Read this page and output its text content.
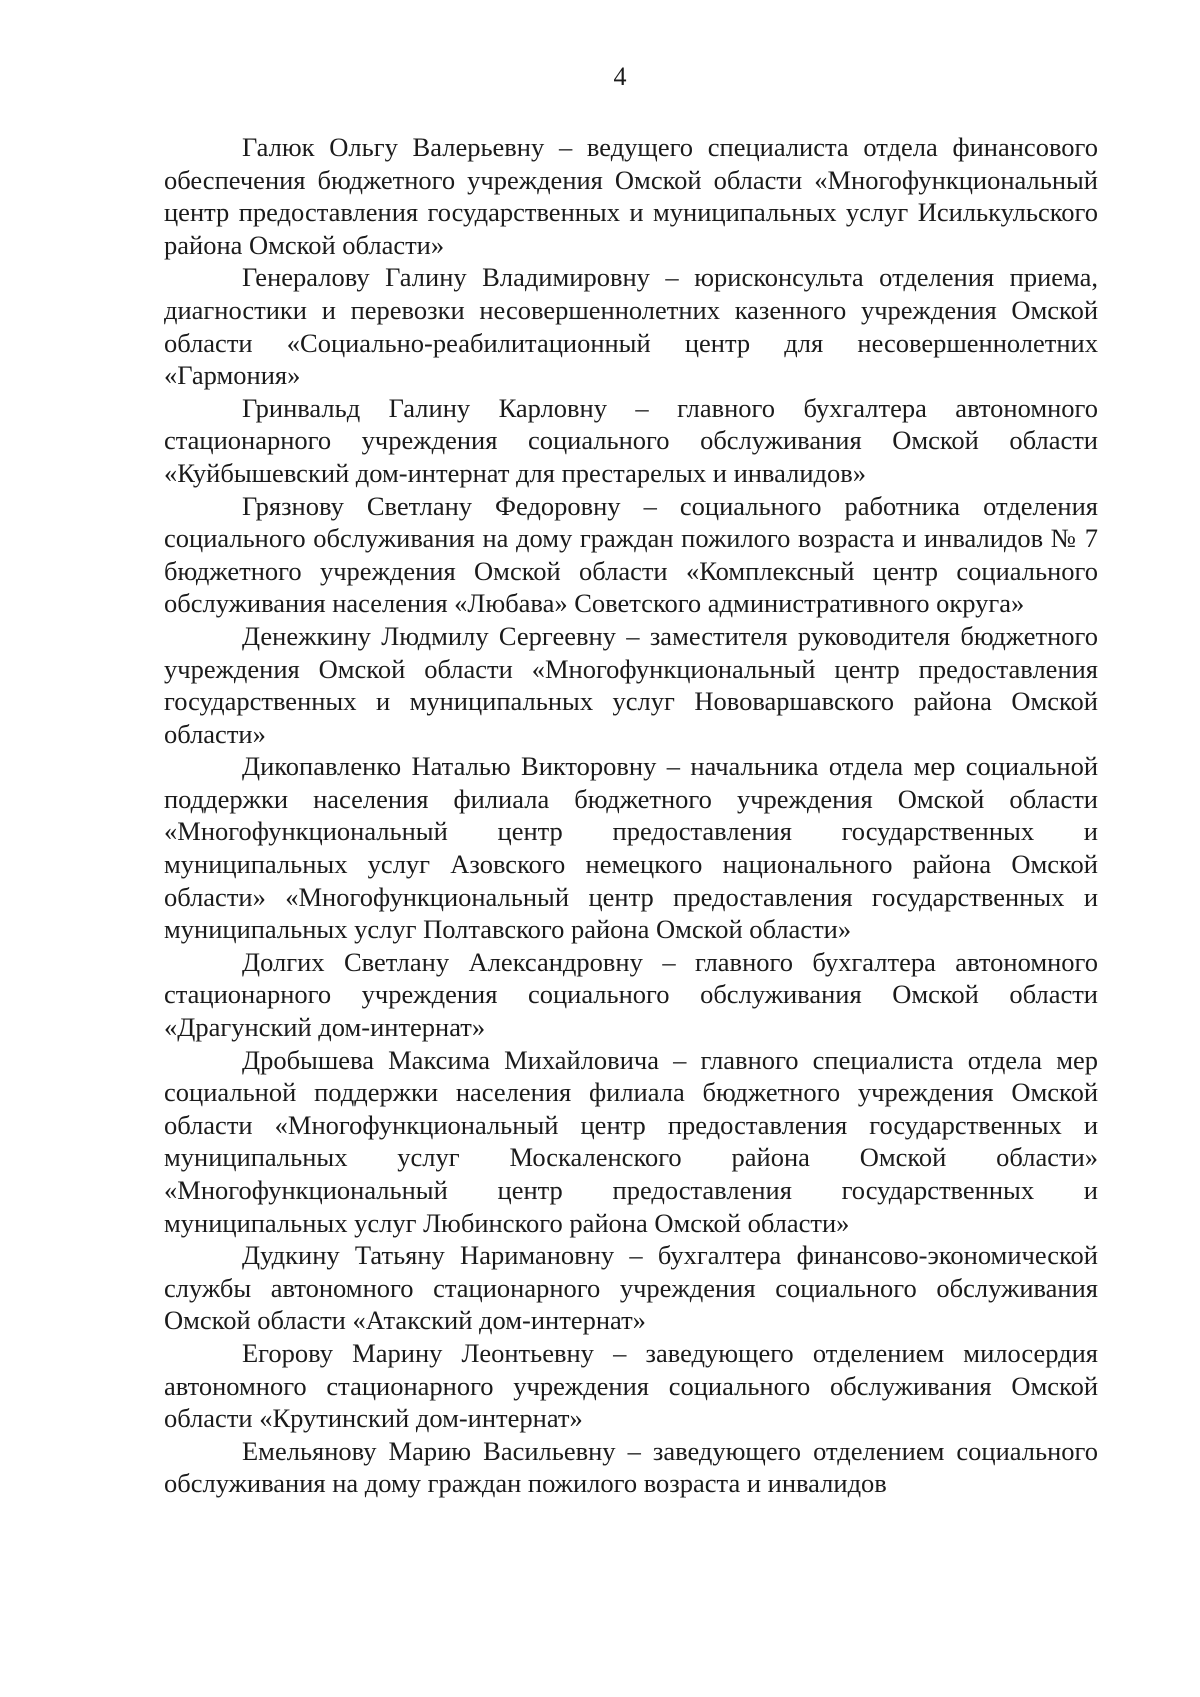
4

Галюк Ольгу Валерьевну – ведущего специалиста отдела финансового обеспечения бюджетного учреждения Омской области «Многофункциональный центр предоставления государственных и муниципальных услуг Исилькульского района Омской области»

Генералову Галину Владимировну – юрисконсульта отделения приема, диагностики и перевозки несовершеннолетних казенного учреждения Омской области «Социально-реабилитационный центр для несовершеннолетних «Гармония»

Гринвальд Галину Карловну – главного бухгалтера автономного стационарного учреждения социального обслуживания Омской области «Куйбышевский дом-интернат для престарелых и инвалидов»

Грязнову Светлану Федоровну – социального работника отделения социального обслуживания на дому граждан пожилого возраста и инвалидов № 7 бюджетного учреждения Омской области «Комплексный центр социального обслуживания населения «Любава» Советского административного округа»

Денежкину Людмилу Сергеевну – заместителя руководителя бюджетного учреждения Омской области «Многофункциональный центр предоставления государственных и муниципальных услуг Нововаршавского района Омской области»

Дикопавленко Наталью Викторовну – начальника отдела мер социальной поддержки населения филиала бюджетного учреждения Омской области «Многофункциональный центр предоставления государственных и муниципальных услуг Азовского немецкого национального района Омской области» «Многофункциональный центр предоставления государственных и муниципальных услуг Полтавского района Омской области»

Долгих Светлану Александровну – главного бухгалтера автономного стационарного учреждения социального обслуживания Омской области «Драгунский дом-интернат»

Дробышева Максима Михайловича – главного специалиста отдела мер социальной поддержки населения филиала бюджетного учреждения Омской области «Многофункциональный центр предоставления государственных и муниципальных услуг Москаленского района Омской области» «Многофункциональный центр предоставления государственных и муниципальных услуг Любинского района Омской области»

Дудкину Татьяну Наримановну – бухгалтера финансово-экономической службы автономного стационарного учреждения социального обслуживания Омской области «Атакский дом-интернат»

Егорову Марину Леонтьевну – заведующего отделением милосердия автономного стационарного учреждения социального обслуживания Омской области «Крутинский дом-интернат»

Емельянову Марию Васильевну – заведующего отделением социального обслуживания на дому граждан пожилого возраста и инвалидов
